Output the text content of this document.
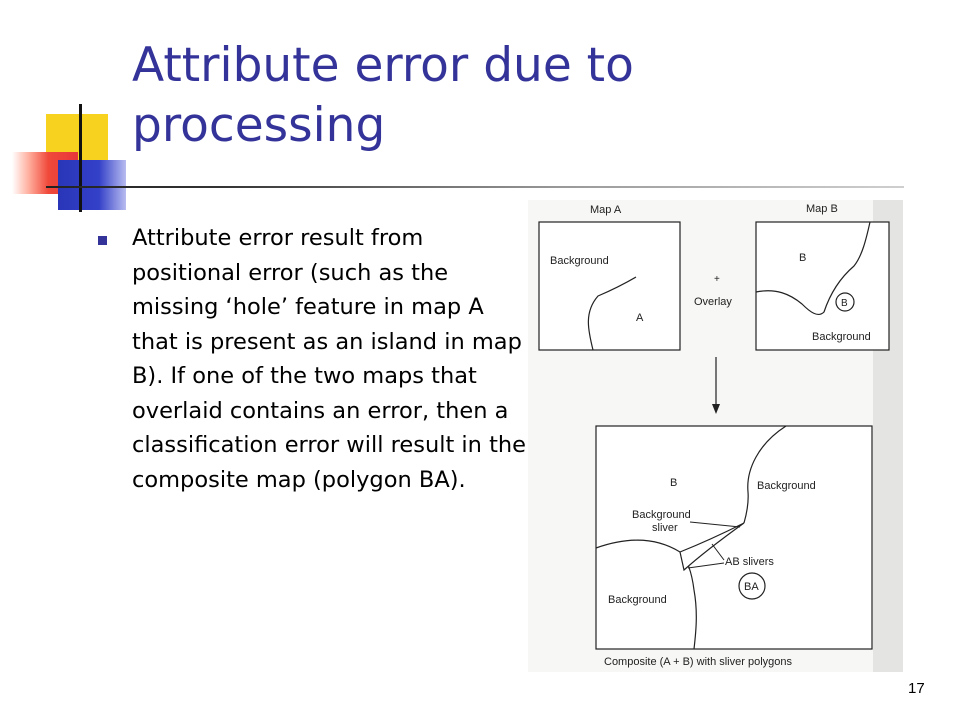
Attribute error due to processing

Attribute error result from positional error (such as the missing ‘hole’ feature in map A that is present as an island in map B). If one of the two maps that overlaid contains an error, then a classification error will result in the composite map (polygon BA).

Map A
Background
A
Map B
B
B
Background
+
Overlay
BA
B	Background
Background
sliver
AB slivers
Background
Composite (A + B) with sliver polygons
17
